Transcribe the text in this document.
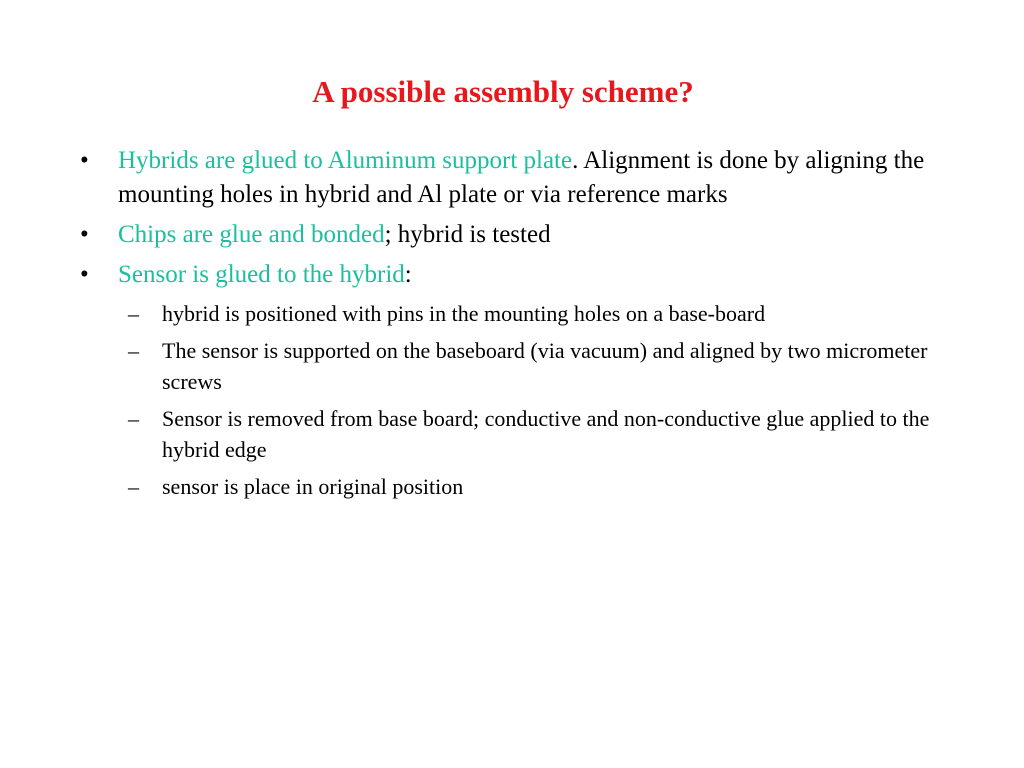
A possible assembly scheme?
•	Hybrids are glued to Aluminum support plate. Alignment is done by aligning the mounting holes in hybrid and Al plate or via reference marks
•	Chips are glue and bonded; hybrid is tested
•	Sensor is glued to the hybrid:
– hybrid is positioned with pins in the mounting holes on a base-board
– The sensor is supported on the baseboard (via vacuum) and aligned by two micrometer screws
– Sensor is removed from base board; conductive and non-conductive glue applied to the hybrid edge
– sensor is place in original position
